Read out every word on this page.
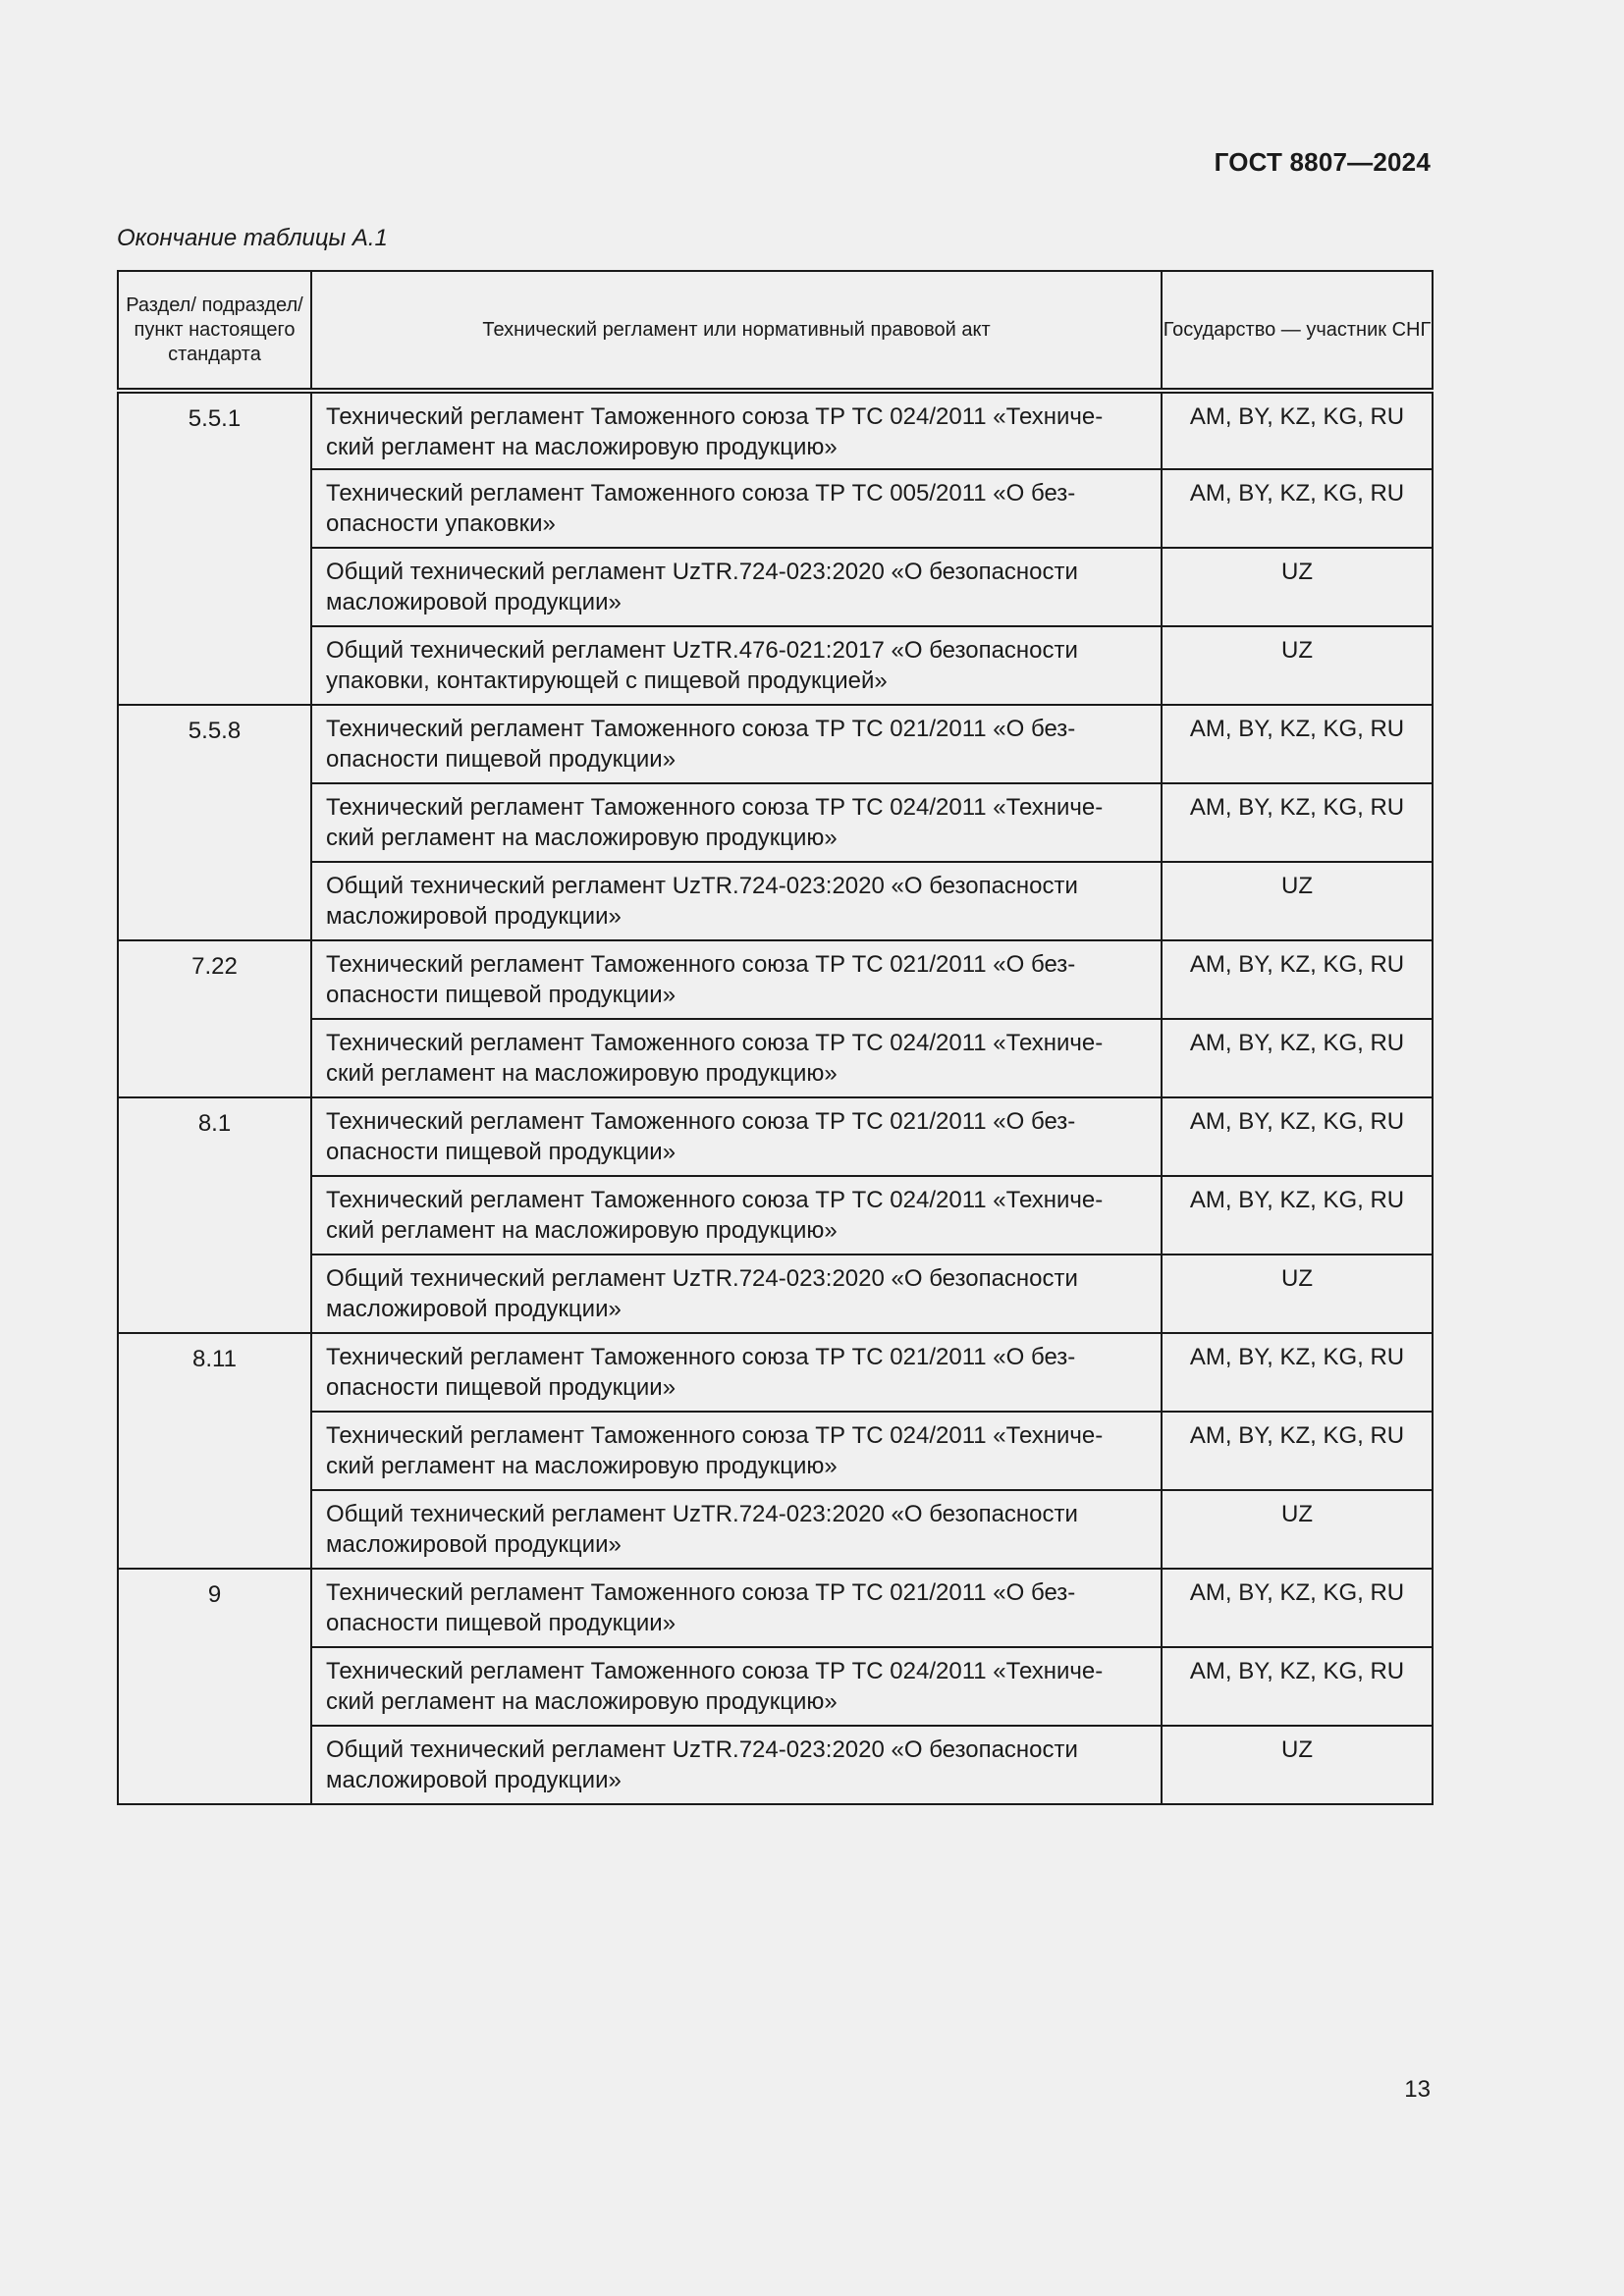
ГОСТ 8807—2024
Окончание таблицы А.1
Раздел/ подраздел/пункт настоящего стандарта	Технический регламент или нормативный правовой акт	Государство — участник СНГ
5.5.1	Технический регламент Таможенного союза ТР ТС 024/2011 «Техниче-ский регламент на масложировую продукцию»	AM, BY, KZ, KG, RU
	Технический регламент Таможенного союза ТР ТС 005/2011 «О без-опасности упаковки»	AM, BY, KZ, KG, RU
	Общий технический регламент UzTR.724-023:2020 «О безопасности масложировой продукции»	UZ
	Общий технический регламент UzTR.476-021:2017 «О безопасности упаковки, контактирующей с пищевой продукцией»	UZ
5.5.8	Технический регламент Таможенного союза ТР ТС 021/2011 «О без-опасности пищевой продукции»	AM, BY, KZ, KG, RU
	Технический регламент Таможенного союза ТР ТС 024/2011 «Техниче-ский регламент на масложировую продукцию»	AM, BY, KZ, KG, RU
	Общий технический регламент UzTR.724-023:2020 «О безопасности масложировой продукции»	UZ
7.22	Технический регламент Таможенного союза ТР ТС 021/2011 «О без-опасности пищевой продукции»	AM, BY, KZ, KG, RU
	Технический регламент Таможенного союза ТР ТС 024/2011 «Техниче-ский регламент на масложировую продукцию»	AM, BY, KZ, KG, RU
8.1	Технический регламент Таможенного союза ТР ТС 021/2011 «О без-опасности пищевой продукции»	AM, BY, KZ, KG, RU
	Технический регламент Таможенного союза ТР ТС 024/2011 «Техниче-ский регламент на масложировую продукцию»	AM, BY, KZ, KG, RU
	Общий технический регламент UzTR.724-023:2020 «О безопасности масложировой продукции»	UZ
8.11	Технический регламент Таможенного союза ТР ТС 021/2011 «О без-опасности пищевой продукции»	AM, BY, KZ, KG, RU
	Технический регламент Таможенного союза ТР ТС 024/2011 «Техниче-ский регламент на масложировую продукцию»	AM, BY, KZ, KG, RU
	Общий технический регламент UzTR.724-023:2020 «О безопасности масложировой продукции»	UZ
9	Технический регламент Таможенного союза ТР ТС 021/2011 «О без-опасности пищевой продукции»	AM, BY, KZ, KG, RU
	Технический регламент Таможенного союза ТР ТС 024/2011 «Техниче-ский регламент на масложировую продукцию»	AM, BY, KZ, KG, RU
	Общий технический регламент UzTR.724-023:2020 «О безопасности масложировой продукции»	UZ
13
